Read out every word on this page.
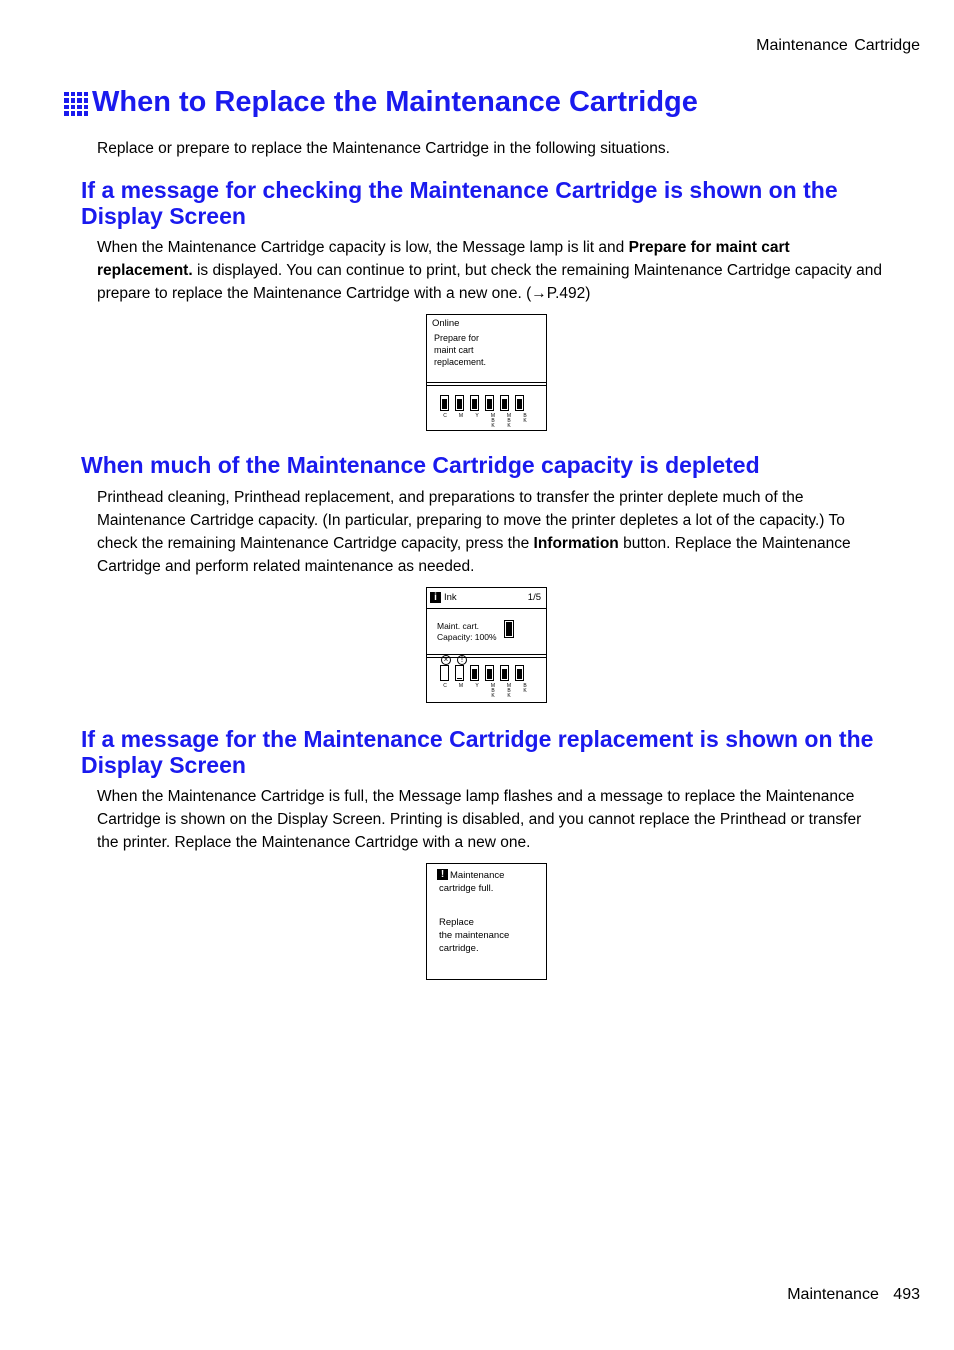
Maintenance Cartridge
When to Replace the Maintenance Cartridge

Replace or prepare to replace the Maintenance Cartridge in the following situations.

If a message for checking the Maintenance Cartridge is shown on the Display Screen

When the Maintenance Cartridge capacity is low, the Message lamp is lit and Prepare for maint cart replacement. is displayed. You can continue to print, but check the remaining Maintenance Cartridge capacity and prepare to replace the Maintenance Cartridge with a new one. (→P.492)

Online
Prepare for
maint cart
replacement.
C	M	Y	M
B
K
M
B
K
B
K
When much of the Maintenance Cartridge capacity is depleted

Printhead cleaning, Printhead replacement, and preparations to transfer the printer deplete much of the Maintenance Cartridge capacity. (In particular, preparing to move the printer depletes a lot of the capacity.) To check the remaining Maintenance Cartridge capacity, press the Information button. Replace the Maintenance Cartridge and perform related maintenance as needed.

i Ink	1/5
Maint. cart.
Capacity: 100%
×	!
C	M	Y	M
B
K
M
B
K
B
K
If a message for the Maintenance Cartridge replacement is shown on the Display Screen

When the Maintenance Cartridge is full, the Message lamp flashes and a message to replace the Maintenance Cartridge is shown on the Display Screen. Printing is disabled, and you cannot replace the Printhead or transfer the printer. Replace the Maintenance Cartridge with a new one.

! Maintenance
cartridge full.
Replace
the maintenance
cartridge.
Maintenance 493
